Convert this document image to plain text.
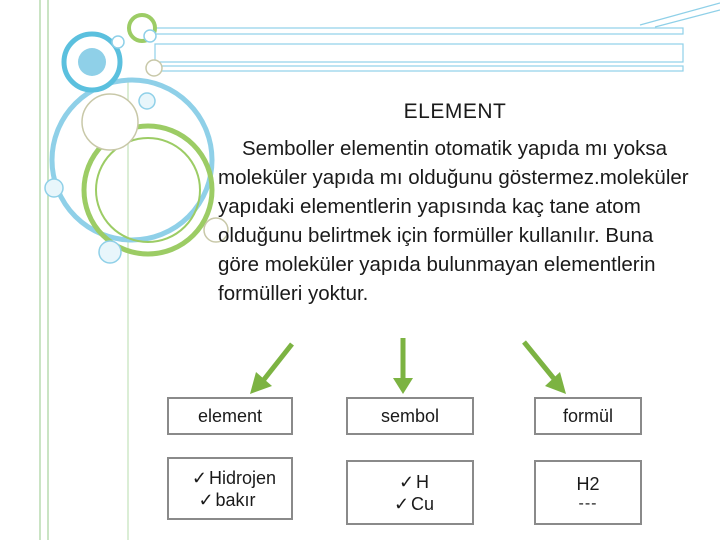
ELEMENT
Semboller elementin otomatik yapıda mı yoksa moleküler yapıda mı olduğunu göstermez.moleküler yapıdaki elementlerin yapısında kaç tane atom olduğunu belirtmek için formüller kullanılır. Buna göre moleküler yapıda bulunmayan elementlerin formülleri yoktur.
element	sembol	formül
✓ Hidrojen
✓ bakır
✓ H
✓ Cu
H2
---
